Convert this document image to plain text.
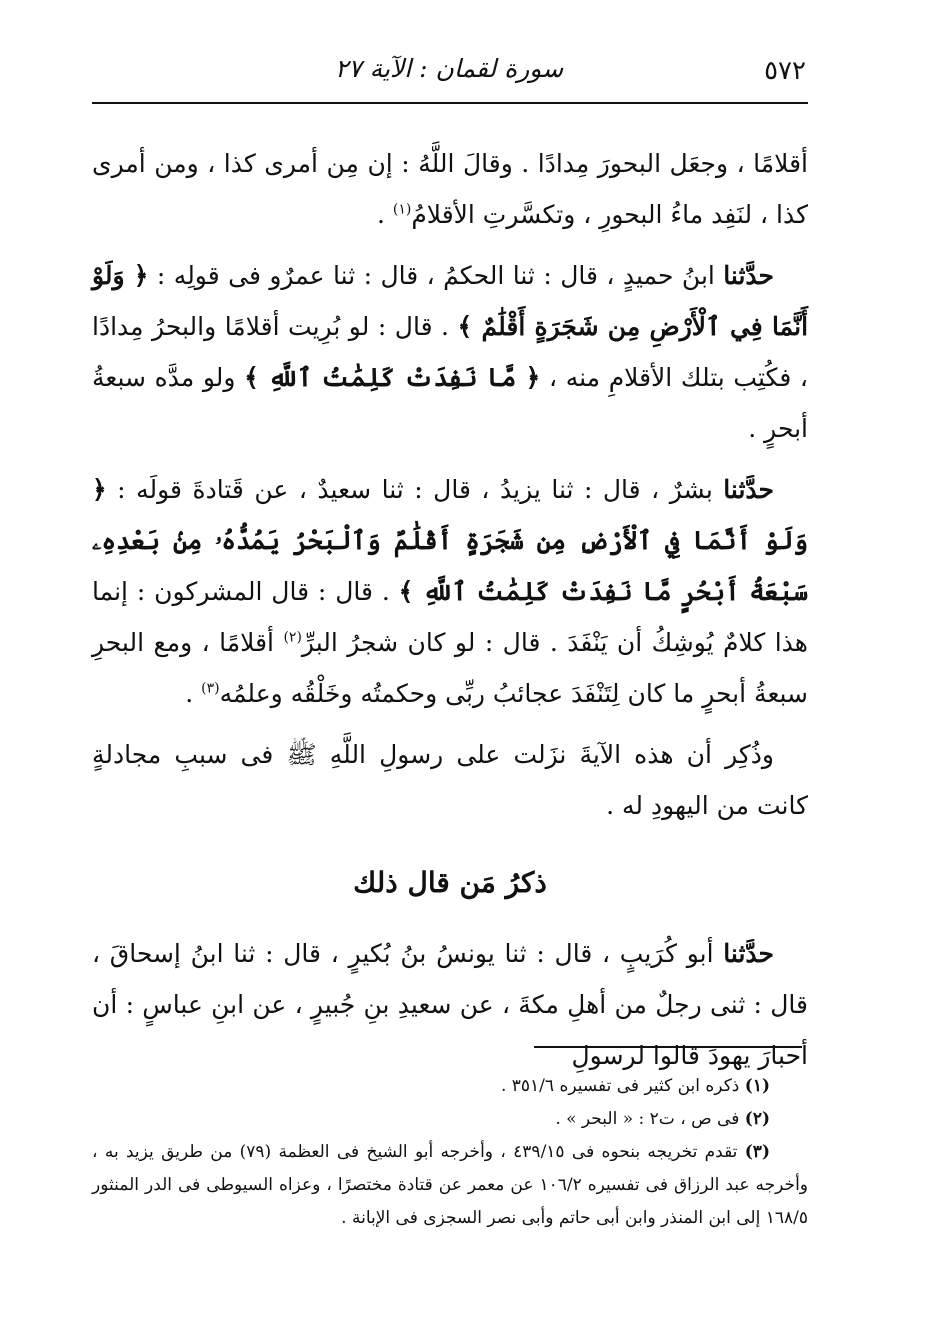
٥٧٢
سورة لقمان : الآية ٢٧

أقلامًا ، وجعَل البحورَ مِدادًا . وقالَ اللَّهُ : إن مِن أمرى كذا ، ومن أمرى كذا ، لنَفِد ماءُ البحورِ ، وتكسَّرتِ الأقلامُ$^{(١)}$ .

حدَّثنا ابنُ حميدٍ ، قال : ثنا الحكمُ ، قال : ثنا عمرٌو فى قولِه : ﴿ وَلَوْ أَنَّمَا فِي ٱلْأَرْضِ مِن شَجَرَةٍ أَقْلَٰمٌ ﴾ . قال : لو بُرِيت أقلامًا والبحرُ مِدادًا ، فكُتِب بتلك الأقلامِ منه ، ﴿ مَّا نَفِدَتْ كَلِمَٰتُ ٱللَّهِ ﴾ ولو مدَّه سبعةُ أبحرٍ .

حدَّثنا بشرٌ ، قال : ثنا يزيدُ ، قال : ثنا سعيدٌ ، عن قَتادةَ قولَه : ﴿ وَلَوْ أَنَّمَا فِي ٱلْأَرْضِ مِن شَجَرَةٍ أَقْلَٰمٌ وَٱلْبَحْرُ يَمُدُّهُۥ مِنۢ بَعْدِهِۦ سَبْعَةُ أَبْحُرٍ مَّا نَفِدَتْ كَلِمَٰتُ ٱللَّهِ ﴾ . قال : قال المشركون : إنما هذا كلامٌ يُوشِكُ أن يَنْفَدَ . قال : لو كان شجرُ البرِّ$^{(٢)}$ أقلامًا ، ومع البحرِ سبعةُ أبحرٍ ما كان لِتَنْفَدَ عجائبُ ربِّى وحكمتُه وخَلْقُه وعلمُه$^{(٣)}$ .

وذُكِر أن هذه الآيةَ نزَلت على رسولِ اللَّهِ ﷺ فى سببِ مجادلةٍ كانت من اليهودِ له .

ذكرُ مَن قال ذلك

حدَّثنا أبو كُرَيبٍ ، قال : ثنا يونسُ بنُ بُكيرٍ ، قال : ثنا ابنُ إسحاقَ ، قال : ثنى رجلٌ من أهلِ مكةَ ، عن سعيدِ بنِ جُبيرٍ ، عن ابنِ عباسٍ : أن أحبارَ يهودَ قالوا لرسولِ

(١) ذكره ابن كثير فى تفسيره ٣٥١/٦ .

(٢) فى ص ، ت٢ : « البحر » .

(٣) تقدم تخريجه بنحوه فى ٤٣٩/١٥ ، وأخرجه أبو الشيخ فى العظمة (٧٩) من طريق يزيد به ، وأخرجه عبد الرزاق فى تفسيره ١٠٦/٢ عن معمر عن قتادة مختصرًا ، وعزاه السيوطى فى الدر المنثور ١٦٨/٥ إلى ابن المنذر وابن أبى حاتم وأبى نصر السجزى فى الإبانة .
